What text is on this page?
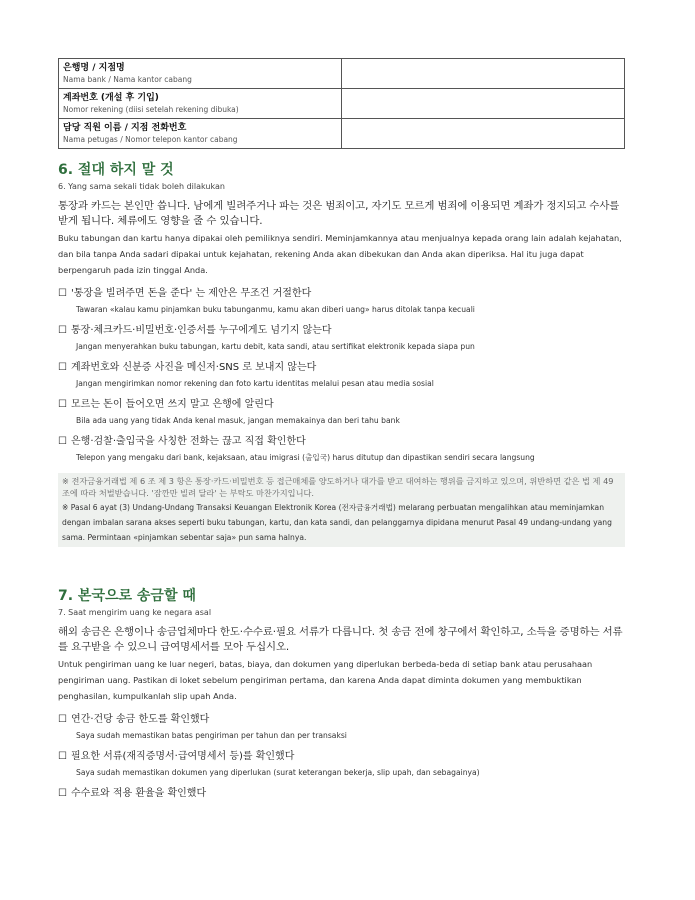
은행명 / 지점명
Nama bank / Nama kantor cabang	

계좌번호 (개설 후 기입)
Nomor rekening (diisi setelah rekening dibuka)	

담당 직원 이름 / 지점 전화번호
Nama petugas / Nomor telepon kantor cabang	

6. 절대 하지 말 것
6. Yang sama sekali tidak boleh dilakukan
통장과 카드는 본인만 씁니다. 남에게 빌려주거나 파는 것은 범죄이고, 자기도 모르게 범죄에 이용되면 계좌가 정지되고 수사를 받게 됩니다. 체류에도 영향을 줄 수 있습니다.
Buku tabungan dan kartu hanya dipakai oleh pemiliknya sendiri. Meminjamkannya atau menjualnya kepada orang lain adalah kejahatan, dan bila tanpa Anda sadari dipakai untuk kejahatan, rekening Anda akan dibekukan dan Anda akan diperiksa. Hal itu juga dapat berpengaruh pada izin tinggal Anda.
☐ '통장을 빌려주면 돈을 준다' 는 제안은 무조건 거절한다
Tawaran «kalau kamu pinjamkan buku tabunganmu, kamu akan diberi uang» harus ditolak tanpa kecuali
☐ 통장·체크카드·비밀번호·인증서를 누구에게도 넘기지 않는다
Jangan menyerahkan buku tabungan, kartu debit, kata sandi, atau sertifikat elektronik kepada siapa pun
☐ 계좌번호와 신분증 사진을 메신저·SNS 로 보내지 않는다
Jangan mengirimkan nomor rekening dan foto kartu identitas melalui pesan atau media sosial
☐ 모르는 돈이 들어오면 쓰지 말고 은행에 알린다
Bila ada uang yang tidak Anda kenal masuk, jangan memakainya dan beri tahu bank
☐ 은행·검찰·출입국을 사칭한 전화는 끊고 직접 확인한다
Telepon yang mengaku dari bank, kejaksaan, atau imigrasi (출입국) harus ditutup dan dipastikan sendiri secara langsung
※ 전자금융거래법 제 6 조 제 3 항은 통장·카드·비밀번호 등 접근매체를 양도하거나 대가를 받고 대여하는 행위를 금지하고 있으며, 위반하면 같은 법 제 49 조에 따라 처벌받습니다. '잠깐만 빌려 달라' 는 부탁도 마찬가지입니다.
※ Pasal 6 ayat (3) Undang-Undang Transaksi Keuangan Elektronik Korea (전자금융거래법) melarang perbuatan mengalihkan atau meminjamkan dengan imbalan sarana akses seperti buku tabungan, kartu, dan kata sandi, dan pelanggarnya dipidana menurut Pasal 49 undang-undang yang sama. Permintaan «pinjamkan sebentar saja» pun sama halnya.
7. 본국으로 송금할 때
7. Saat mengirim uang ke negara asal
해외 송금은 은행이나 송금업체마다 한도·수수료·필요 서류가 다릅니다. 첫 송금 전에 창구에서 확인하고, 소득을 증명하는 서류를 요구받을 수 있으니 급여명세서를 모아 두십시오.
Untuk pengiriman uang ke luar negeri, batas, biaya, dan dokumen yang diperlukan berbeda-beda di setiap bank atau perusahaan pengiriman uang. Pastikan di loket sebelum pengiriman pertama, dan karena Anda dapat diminta dokumen yang membuktikan penghasilan, kumpulkanlah slip upah Anda.
☐ 연간·건당 송금 한도를 확인했다
Saya sudah memastikan batas pengiriman per tahun dan per transaksi
☐ 필요한 서류(재직증명서·급여명세서 등)를 확인했다
Saya sudah memastikan dokumen yang diperlukan (surat keterangan bekerja, slip upah, dan sebagainya)
☐ 수수료와 적용 환율을 확인했다
